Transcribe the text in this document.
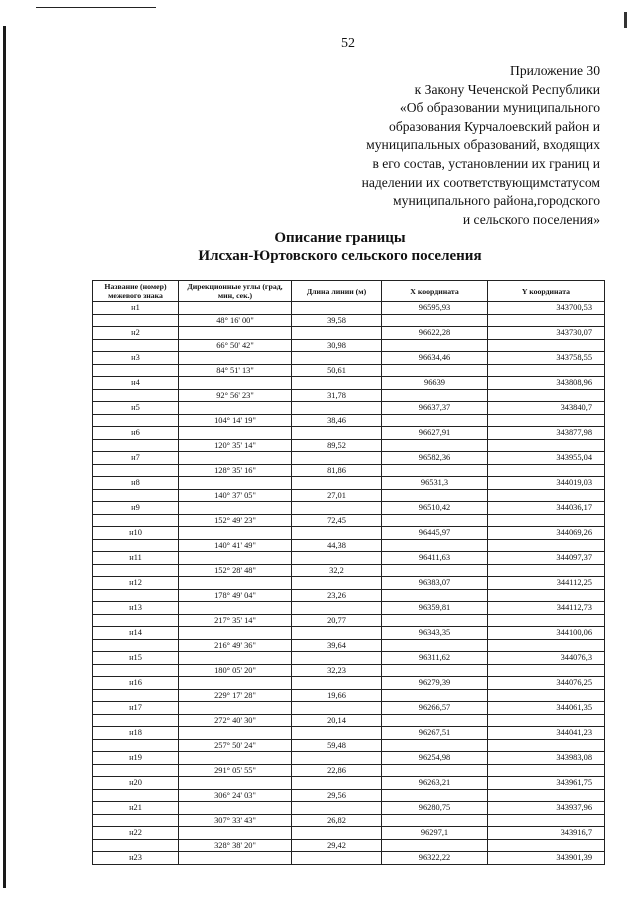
52
Приложение 30
к Закону Чеченской Республики
«Об образовании муниципального
образования Курчалоевский район и
муниципальных образований, входящих
в его состав, установлении их границ и
наделении их соответствующимстатусом
муниципального района,городского
и сельского поселения»
Описание границы
Илсхан-Юртовского сельского поселения
Название (номер) межевого знака	Дирекционные углы (град, мин, сек.)	Длина линии (м)	X координата	Y координата
н1			96595,93	343700,53
	48° 16' 00"	39,58		
н2			96622,28	343730,07
	66° 50' 42"	30,98		
н3			96634,46	343758,55
	84° 51' 13"	50,61		
н4			96639	343808,96
	92° 56' 23"	31,78		
н5			96637,37	343840,7
	104° 14' 19"	38,46		
н6			96627,91	343877,98
	120° 35' 14"	89,52		
н7			96582,36	343955,04
	128° 35' 16"	81,86		
н8			96531,3	344019,03
	140° 37' 05"	27,01		
н9			96510,42	344036,17
	152° 49' 23"	72,45		
н10			96445,97	344069,26
	140° 41' 49"	44,38		
н11			96411,63	344097,37
	152° 28' 48"	32,2		
н12			96383,07	344112,25
	178° 49' 04"	23,26		
н13			96359,81	344112,73
	217° 35' 14"	20,77		
н14			96343,35	344100,06
	216° 49' 36"	39,64		
н15			96311,62	344076,3
	180° 05' 20"	32,23		
н16			96279,39	344076,25
	229° 17' 28"	19,66		
н17			96266,57	344061,35
	272° 40' 30"	20,14		
н18			96267,51	344041,23
	257° 50' 24"	59,48		
н19			96254,98	343983,08
	291° 05' 55"	22,86		
н20			96263,21	343961,75
	306° 24' 03"	29,56		
н21			96280,75	343937,96
	307° 33' 43"	26,82		
н22			96297,1	343916,7
	328° 38' 20"	29,42		
н23			96322,22	343901,39
